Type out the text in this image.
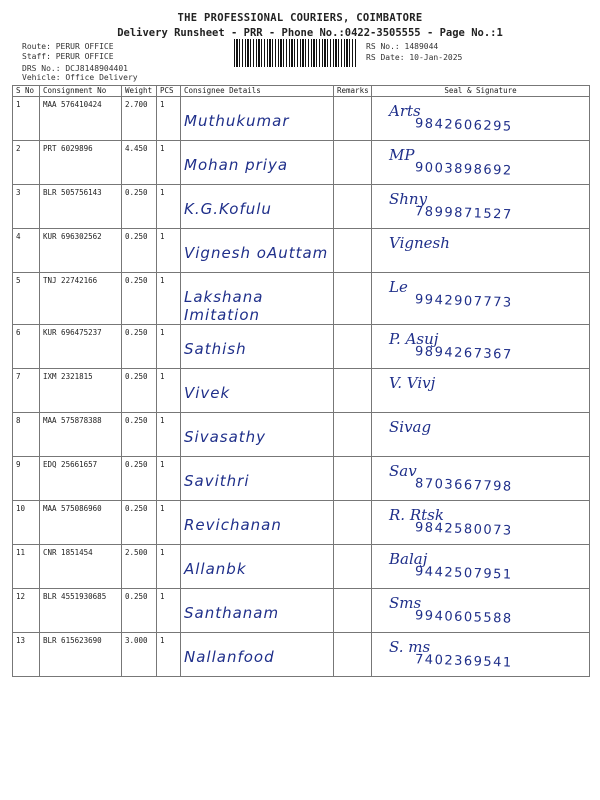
THE PROFESSIONAL COURIERS, COIMBATORE
Delivery Runsheet - PRR - Phone No.:0422-3505555 - Page No.:1
Route: PERUR OFFICE
Staff: PERUR OFFICE
DRS No.: DCJ8148904401
Vehicle: Office Delivery
RS No.: 1489044
RS Date: 10-Jan-2025
S No	Consignment No	Weight	PCS	Consignee Details	Remarks	Seal & Signature
1	MAA 576410424	2.700	1	Muthukumar		Arts
9842606295

2	PRT 6029896	4.450	1	Mohan priya		MP
9003898692

3	BLR 505756143	0.250	1	K.G.Kofulu		Shny
7899871527

4	KUR 696302562	0.250	1	Vignesh oAuttam		Vignesh

5	TNJ 22742166	0.250	1	Lakshana Imitation		Le
9942907773

6	KUR 696475237	0.250	1	Sathish		P. Asuj
9894267367

7	IXM 2321815	0.250	1	Vivek		V. Vivj

8	MAA 575878388	0.250	1	Sivasathy		Sivag

9	EDQ 25661657	0.250	1	Savithri		Sav
8703667798

10	MAA 575086960	0.250	1	Revichanan		R. Rtsk
9842580073

11	CNR 1851454	2.500	1	Allanbk		Balaj
9442507951

12	BLR 4551930685	0.250	1	Santhanam		Sms
9940605588

13	BLR 615623690	3.000	1	Nallanfood		S. ms
7402369541
